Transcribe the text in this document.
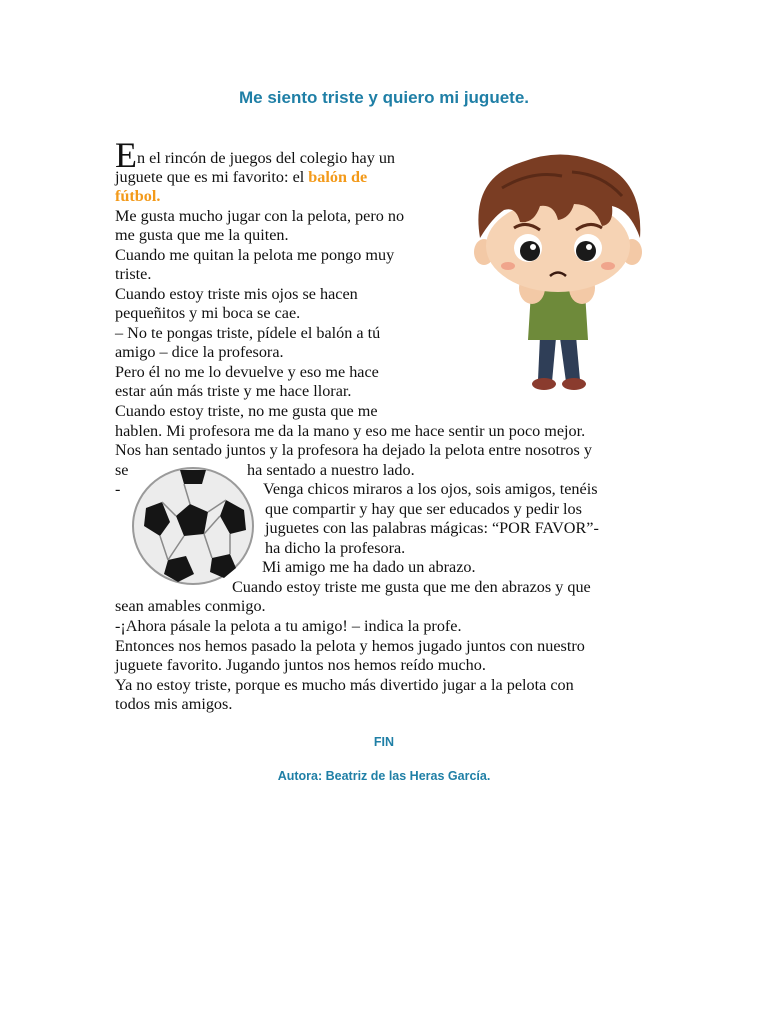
Me siento triste y quiero mi juguete.
En el rincón de juegos del colegio hay un
juguete que es mi favorito: el balón de
fútbol.
Me gusta mucho jugar con la pelota, pero no
me gusta que me la quiten.
Cuando me quitan la pelota me pongo muy
triste.
Cuando estoy triste mis ojos se hacen
pequeñitos y mi boca se cae.
– No te pongas triste, pídele el balón a tú
amigo – dice la profesora.
Pero él no me lo devuelve y eso me hace
estar aún más triste y me hace llorar.
Cuando estoy triste, no me gusta que me
hablen. Mi profesora me da la mano y eso me hace sentir un poco mejor.
Nos han sentado juntos y la profesora ha dejado la pelota entre nosotros y
se	ha sentado a nuestro lado.
-	Venga chicos miraros a los ojos, sois amigos, tenéis
que compartir y hay que ser educados y pedir los
juguetes con las palabras mágicas: “POR FAVOR”-
ha dicho la profesora.
Mi amigo me ha dado un abrazo.
Cuando estoy triste me gusta que me den abrazos y que
sean amables conmigo.
-¡Ahora pásale la pelota a tu amigo! – indica la profe.
Entonces nos hemos pasado la pelota y hemos jugado juntos con nuestro
juguete favorito. Jugando juntos nos hemos reído mucho.
Ya no estoy triste, porque es mucho más divertido jugar a la pelota con
todos mis amigos.
FIN
Autora: Beatriz de las Heras García.
